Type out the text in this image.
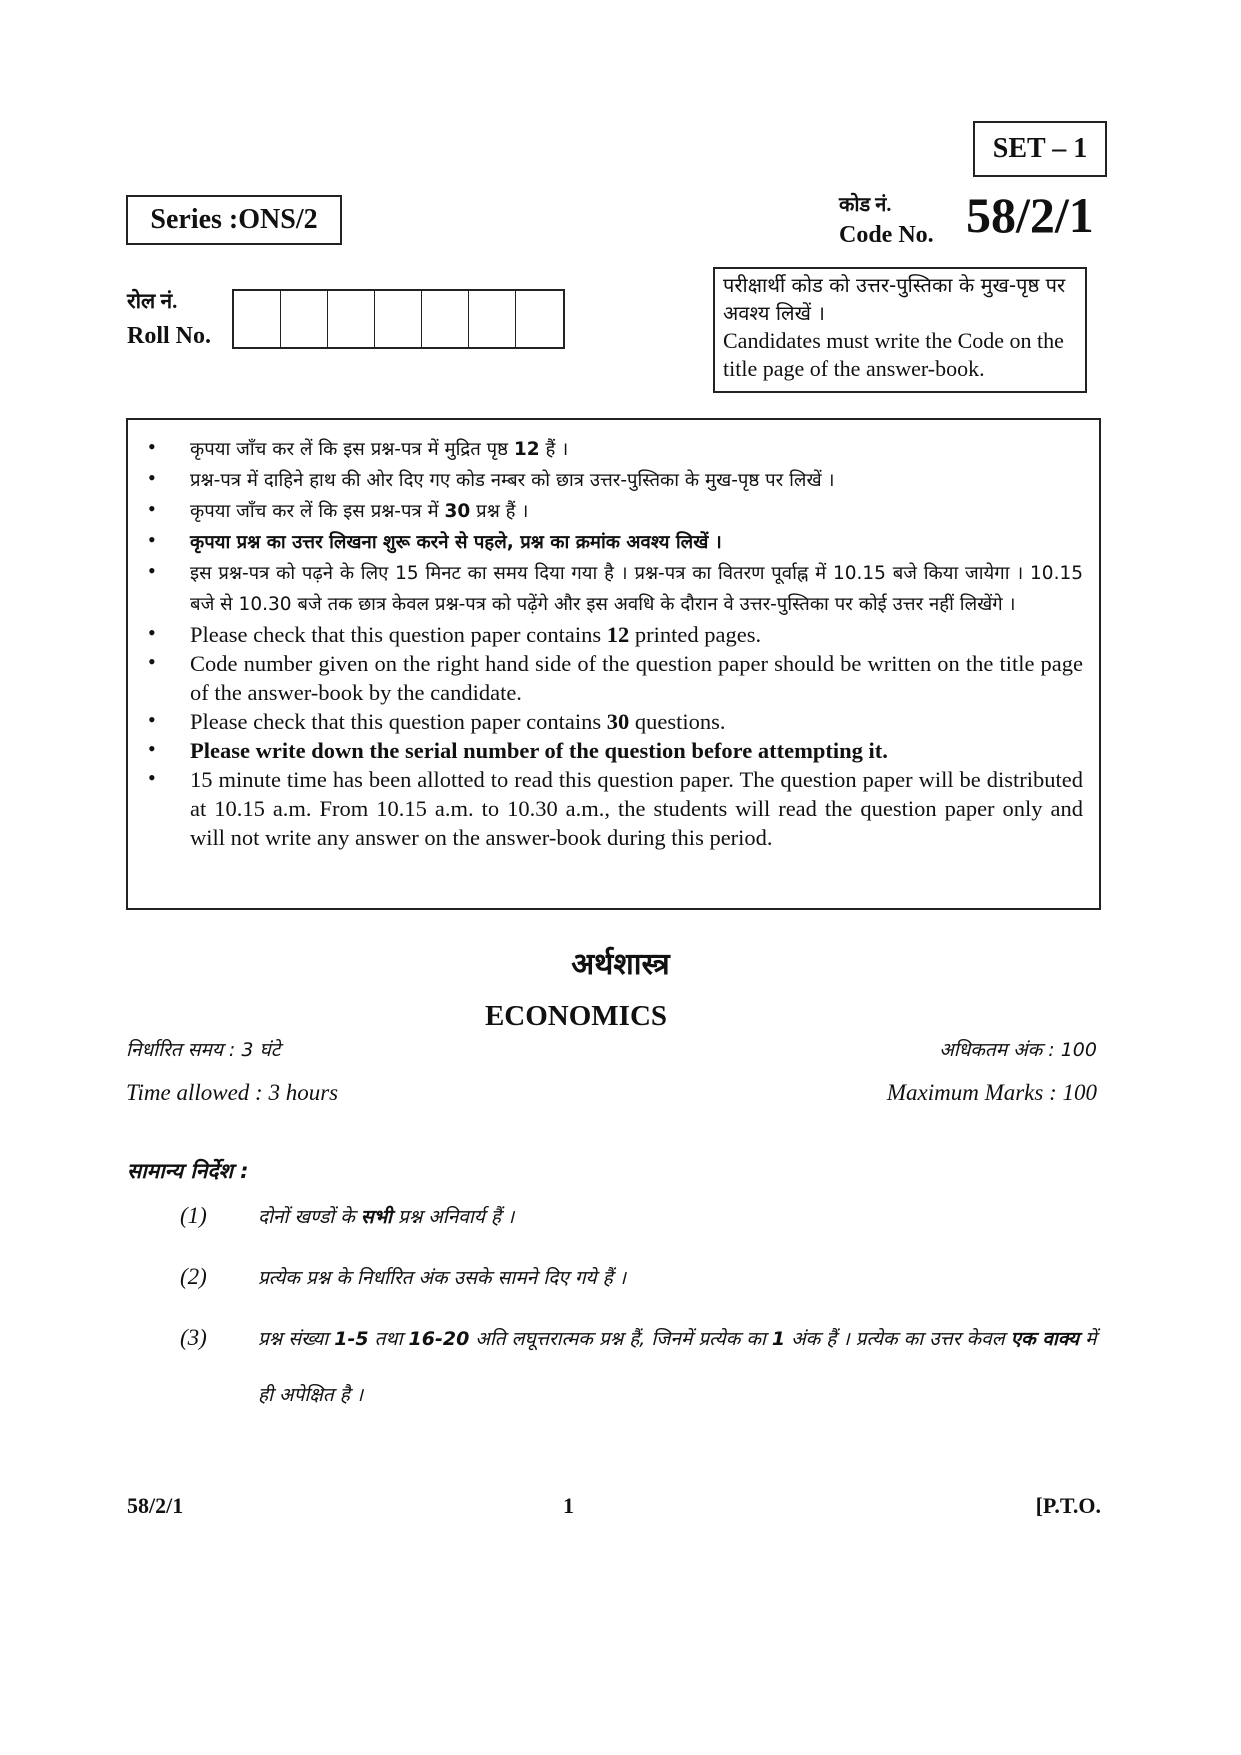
SET – 1
Series :ONS/2	कोड नं.
Code No. 58/2/1
रोल नं.
Roll No.
परीक्षार्थी कोड को उत्तर-पुस्तिका के मुख-पृष्ठ पर अवश्य लिखें ।
Candidates must write the Code on the title page of the answer-book.
•	कृपया जाँच कर लें कि इस प्रश्न-पत्र में मुद्रित पृष्ठ 12 हैं ।
•	प्रश्न-पत्र में दाहिने हाथ की ओर दिए गए कोड नम्बर को छात्र उत्तर-पुस्तिका के मुख-पृष्ठ पर लिखें ।
•	कृपया जाँच कर लें कि इस प्रश्न-पत्र में 30 प्रश्न हैं ।
•	कृपया प्रश्न का उत्तर लिखना शुरू करने से पहले, प्रश्न का क्रमांक अवश्य लिखें ।
•	इस प्रश्न-पत्र को पढ़ने के लिए 15 मिनट का समय दिया गया है । प्रश्न-पत्र का वितरण पूर्वाह्न में 10.15 बजे किया जायेगा । 10.15 बजे से 10.30 बजे तक छात्र केवल प्रश्न-पत्र को पढ़ेंगे और इस अवधि के दौरान वे उत्तर-पुस्तिका पर कोई उत्तर नहीं लिखेंगे ।
•	Please check that this question paper contains 12 printed pages.
•	Code number given on the right hand side of the question paper should be written on the title page of the answer-book by the candidate.
•	Please check that this question paper contains 30 questions.
•	Please write down the serial number of the question before attempting it.
•	15 minute time has been allotted to read this question paper. The question paper will be distributed at 10.15 a.m. From 10.15 a.m. to 10.30 a.m., the students will read the question paper only and will not write any answer on the answer-book during this period.
अर्थशास्त्र
ECONOMICS
निर्धारित समय : 3 घंटे
Time allowed : 3 hours
अधिकतम अंक : 100
Maximum Marks : 100
सामान्य निर्देश :
(1)	दोनों खण्डों के सभी प्रश्न अनिवार्य हैं ।
(2)	प्रत्येक प्रश्न के निर्धारित अंक उसके सामने दिए गये हैं ।
(3)	प्रश्न संख्या 1-5 तथा 16-20 अति लघूत्तरात्मक प्रश्न हैं, जिनमें प्रत्येक का 1 अंक हैं । प्रत्येक का उत्तर केवल एक वाक्य में ही अपेक्षित है ।
58/2/1	1	[P.T.O.
